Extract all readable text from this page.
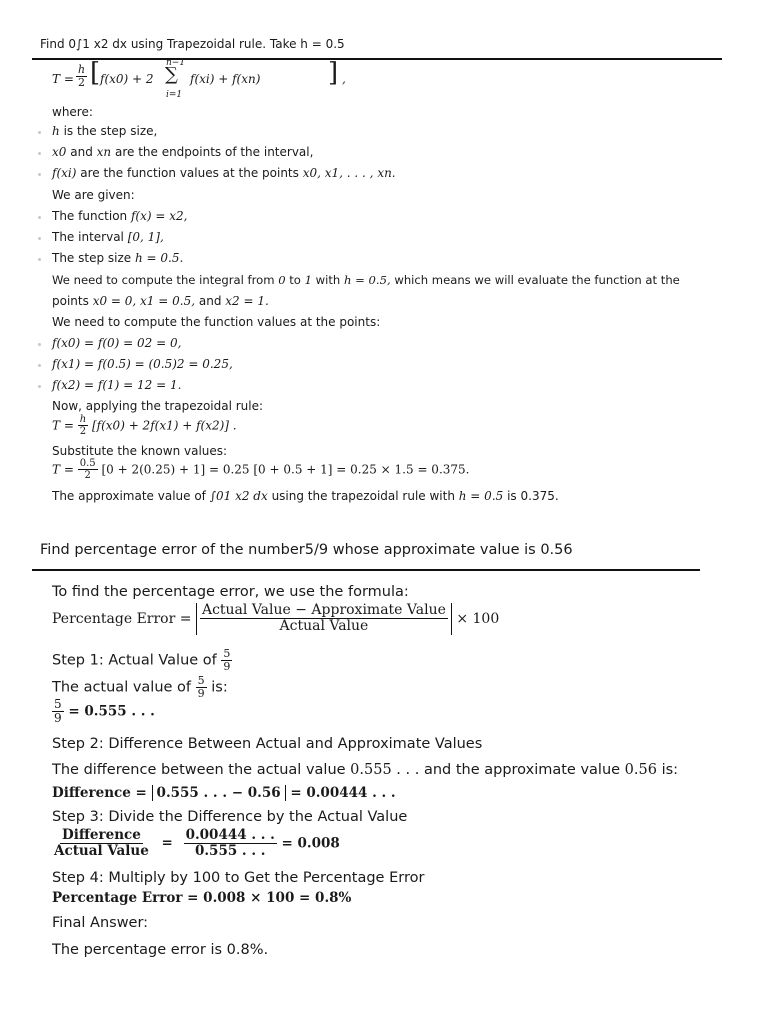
Find 0∫1 x2 dx using Trapezoidal rule. Take h = 0.5
$T = \frac{h}{2}$ [ f(x0) + 2
n−1
∑
i=1
f(xi) + f(xn)	] ,
where:
h is the step size,
x0 and xn are the endpoints of the interval,
f(xi) are the function values at the points x0, x1, . . . , xn.
We are given:
The function f(x) = x2,
The interval [0, 1],
The step size h = 0.5.
We need to compute the integral from 0 to 1 with h = 0.5, which means we will evaluate the function at the
points x0 = 0, x1 = 0.5, and x2 = 1.
We need to compute the function values at the points:
f(x0) = f(0) = 02 = 0,
f(x1) = f(0.5) = (0.5)2 = 0.25,
f(x2) = f(1) = 12 = 1.
Now, applying the trapezoidal rule:
$T = \frac{h}{2} [f(x0) + 2f(x1) + f(x2)]$ .
Substitute the known values:
$T = \frac{0.5}{2} [0 + 2(0.25) + 1] = 0.25$ [0 + 0.5 + 1] = 0.25 × 1.5 = 0.375.
The approximate value of ∫01 x2 dx using the trapezoidal rule with h = 0.5 is 0.375.
Find percentage error of the number5/9 whose approximate value is 0.56
To find the percentage error, we use the formula:
Percentage Error = $\frac{\text{Actual Value − Approximate Value}}{\text{Actual Value}} \times 100$
Step 1: Actual Value of $\frac{5}{9}$
The actual value of $\frac{5}{9}$ is:
$\frac{5}{9} = 0.555$ . . .
Step 2: Difference Between Actual and Approximate Values
The difference between the actual value 0.555 . . . and the approximate value 0.56 is:
Difference = 0.555 . . . − 0.56 = 0.00444 . . .
Step 3: Divide the Difference by the Actual Value
$\frac{\text{Difference}}{\text{Actual Value}} = \frac{0.00444 . . .}{0.555 . . .} = 0.008$
Step 4: Multiply by 100 to Get the Percentage Error
Percentage Error = 0.008 × 100 = 0.8%
Final Answer:
The percentage error is 0.8%.
